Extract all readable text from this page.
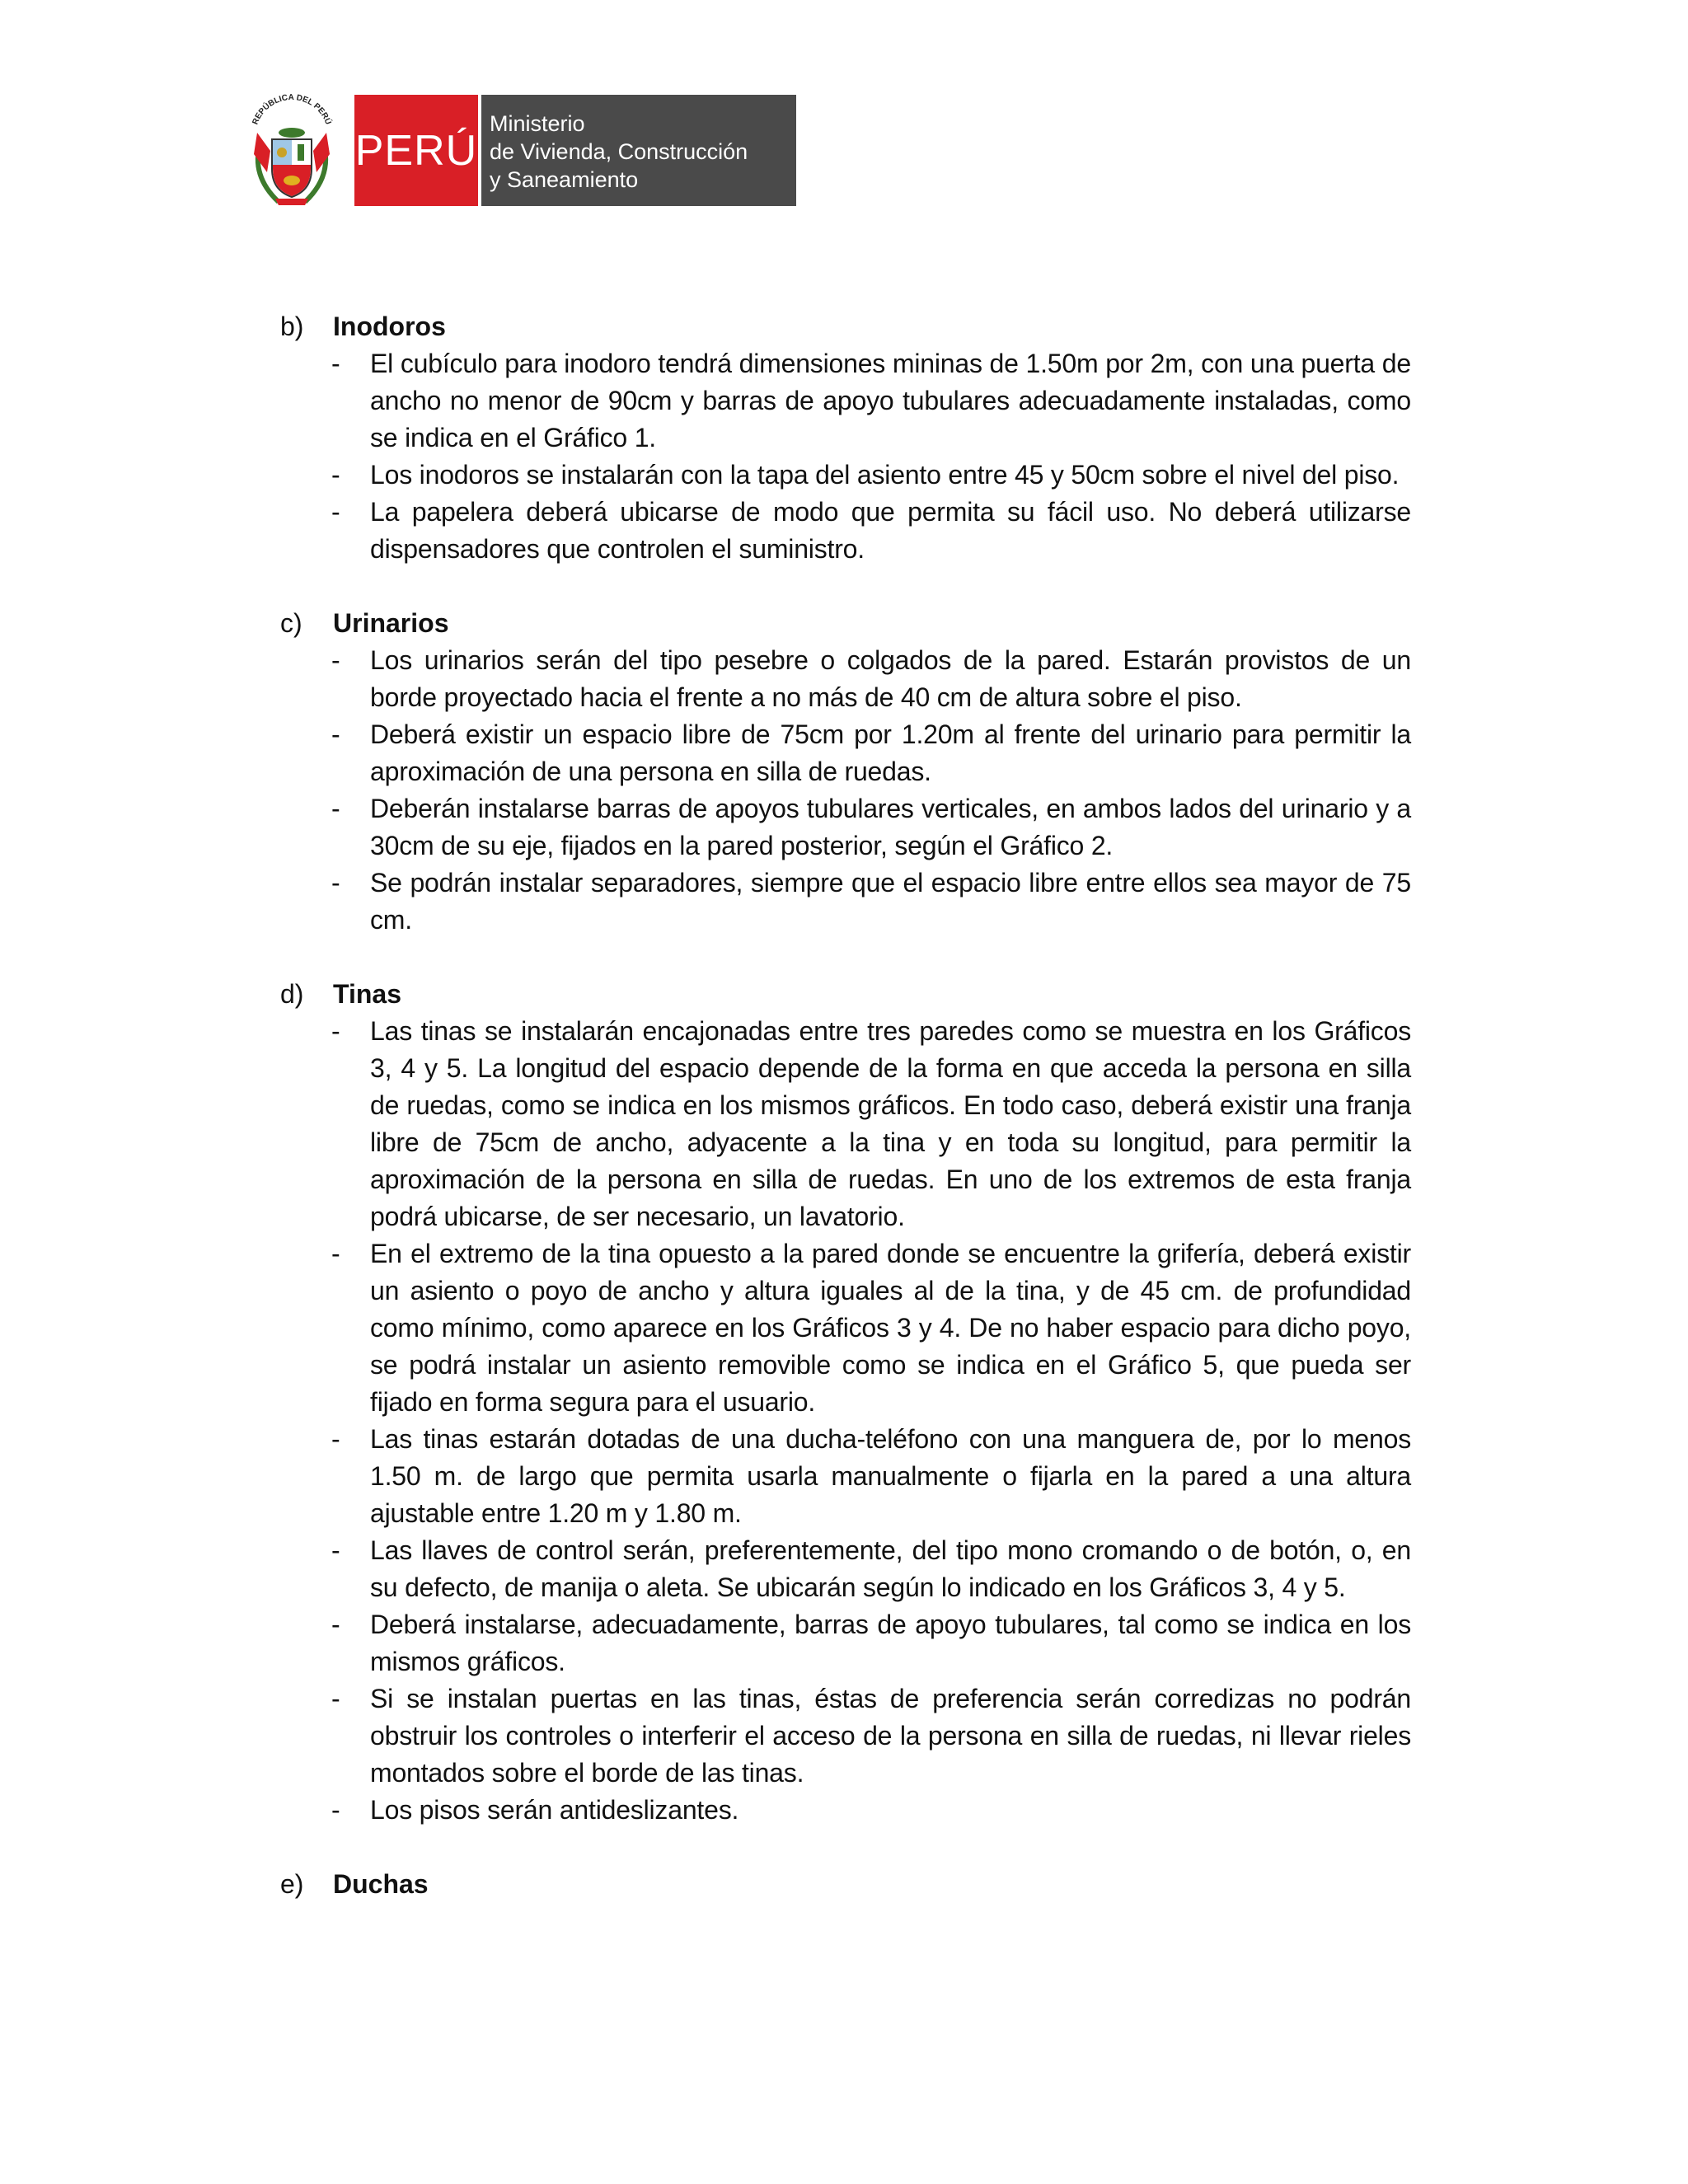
REPÚBLICA DEL PERÚ
PERÚ
Ministerio
de Vivienda, Construcción
y Saneamiento
b)	Inodoros
-	El cubículo para inodoro tendrá dimensiones mininas de 1.50m por 2m, con una puerta de ancho no menor de 90cm y barras de apoyo tubulares adecuadamente instaladas, como se indica en el Gráfico 1.
-	Los inodoros se instalarán con la tapa del asiento entre 45 y 50cm sobre el nivel del piso.
-	La papelera deberá ubicarse de modo que permita su fácil uso. No deberá utilizarse dispensadores que controlen el suministro.
c)	Urinarios
-	Los urinarios serán del tipo pesebre o colgados de la pared. Estarán provistos de un borde proyectado hacia el frente a no más de 40 cm de altura sobre el piso.
-	Deberá existir un espacio libre de 75cm por 1.20m al frente del urinario para permitir la aproximación de una persona en silla de ruedas.
-	Deberán instalarse barras de apoyos tubulares verticales, en ambos lados del urinario y a 30cm de su eje, fijados en la pared posterior, según el Gráfico 2.
-	Se podrán instalar separadores, siempre que el espacio libre entre ellos sea mayor de 75 cm.
d)	Tinas
-	Las tinas se instalarán encajonadas entre tres paredes como se muestra en los Gráficos 3, 4 y 5. La longitud del espacio depende de la forma en que acceda la persona en silla de ruedas, como se indica en los mismos gráficos. En todo caso, deberá existir una franja libre de 75cm de ancho, adyacente a la tina y en toda su longitud, para permitir la aproximación de la persona en silla de ruedas. En uno de los extremos de esta franja podrá ubicarse, de ser necesario, un lavatorio.
-	En el extremo de la tina opuesto a la pared donde se encuentre la grifería, deberá existir un asiento o poyo de ancho y altura iguales al de la tina, y de 45 cm. de profundidad como mínimo, como aparece en los Gráficos 3 y 4. De no haber espacio para dicho poyo, se podrá instalar un asiento removible como se indica en el Gráfico 5, que pueda ser fijado en forma segura para el usuario.
-	Las tinas estarán dotadas de una ducha-teléfono con una manguera de, por lo menos 1.50 m. de largo que permita usarla manualmente o fijarla en la pared a una altura ajustable entre 1.20 m y 1.80 m.
-	Las llaves de control serán, preferentemente, del tipo mono cromando o de botón, o, en su defecto, de manija o aleta. Se ubicarán según lo indicado en los Gráficos 3, 4 y 5.
-	Deberá instalarse, adecuadamente, barras de apoyo tubulares, tal como se indica en los mismos gráficos.
-	Si se instalan puertas en las tinas, éstas de preferencia serán corredizas no podrán obstruir los controles o interferir el acceso de la persona en silla de ruedas, ni llevar rieles montados sobre el borde de las tinas.
-	Los pisos serán antideslizantes.
e)	Duchas
